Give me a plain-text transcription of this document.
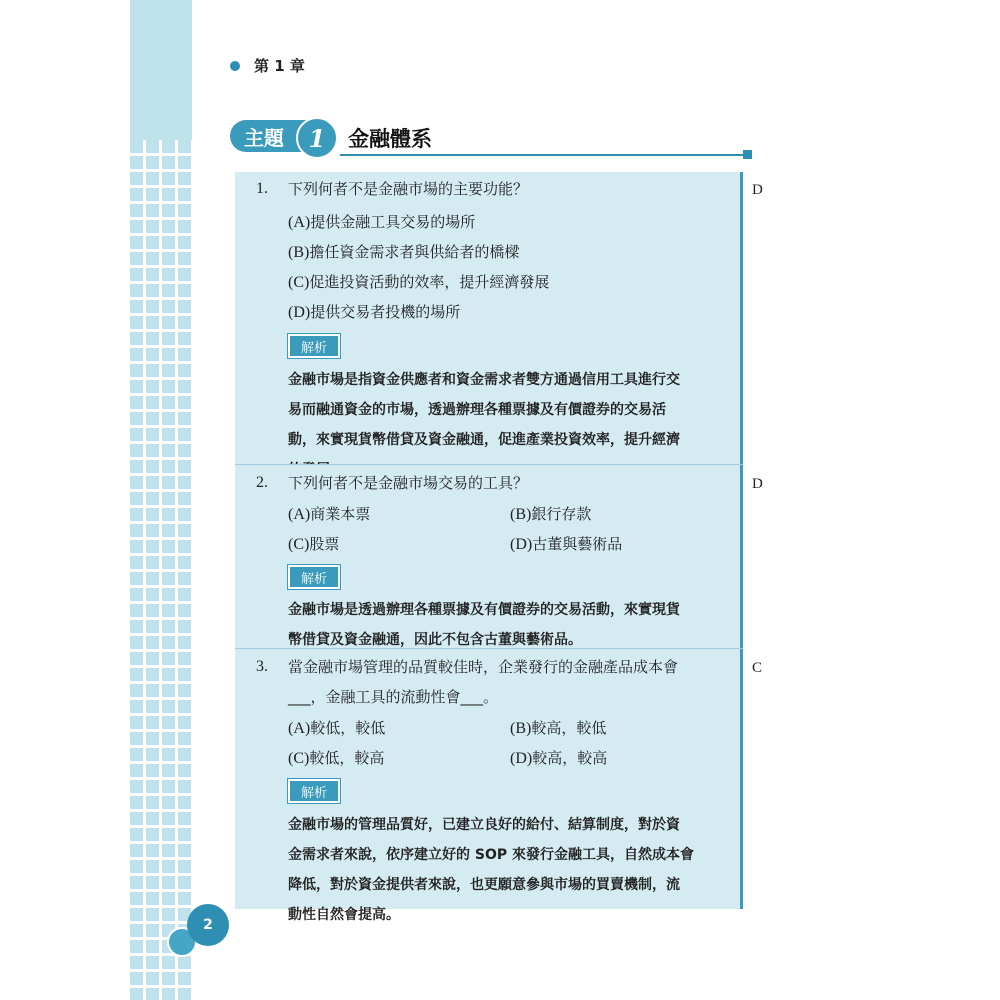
第 1 章
主題	1	金融體系
1. 下列何者不是金融市場的主要功能？	D
(A)提供金融工具交易的場所
(B)擔任資金需求者與供給者的橋樑
(C)促進投資活動的效率，提升經濟發展
(D)提供交易者投機的場所
解析
金融市場是指資金供應者和資金需求者雙方通過信用工具進行交
易而融通資金的市場，透過辦理各種票據及有價證券的交易活
動，來實現貨幣借貸及資金融通，促進產業投資效率，提升經濟
2. 下列何者不是金融市場交易的工具？	D
(A)商業本票	(B)銀行存款
(C)股票	(D)古董與藝術品
解析
金融市場是透過辦理各種票據及有價證券的交易活動，來實現貨
幣借貸及資金融通，因此不包含古董與藝術品。
3. 當金融市場管理的品質較佳時，企業發行的金融產品成本會
___，金融工具的流動性會___。
C
(A)較低，較低	(B)較高，較低
(C)較低，較高	(D)較高，較高
解析
金融市場的管理品質好，已建立良好的給付、結算制度，對於資
金需求者來說，依序建立好的 SOP 來發行金融工具，自然成本會
降低，對於資金提供者來說，也更願意參與市場的買賣機制，流
動性自然會提高。
2
